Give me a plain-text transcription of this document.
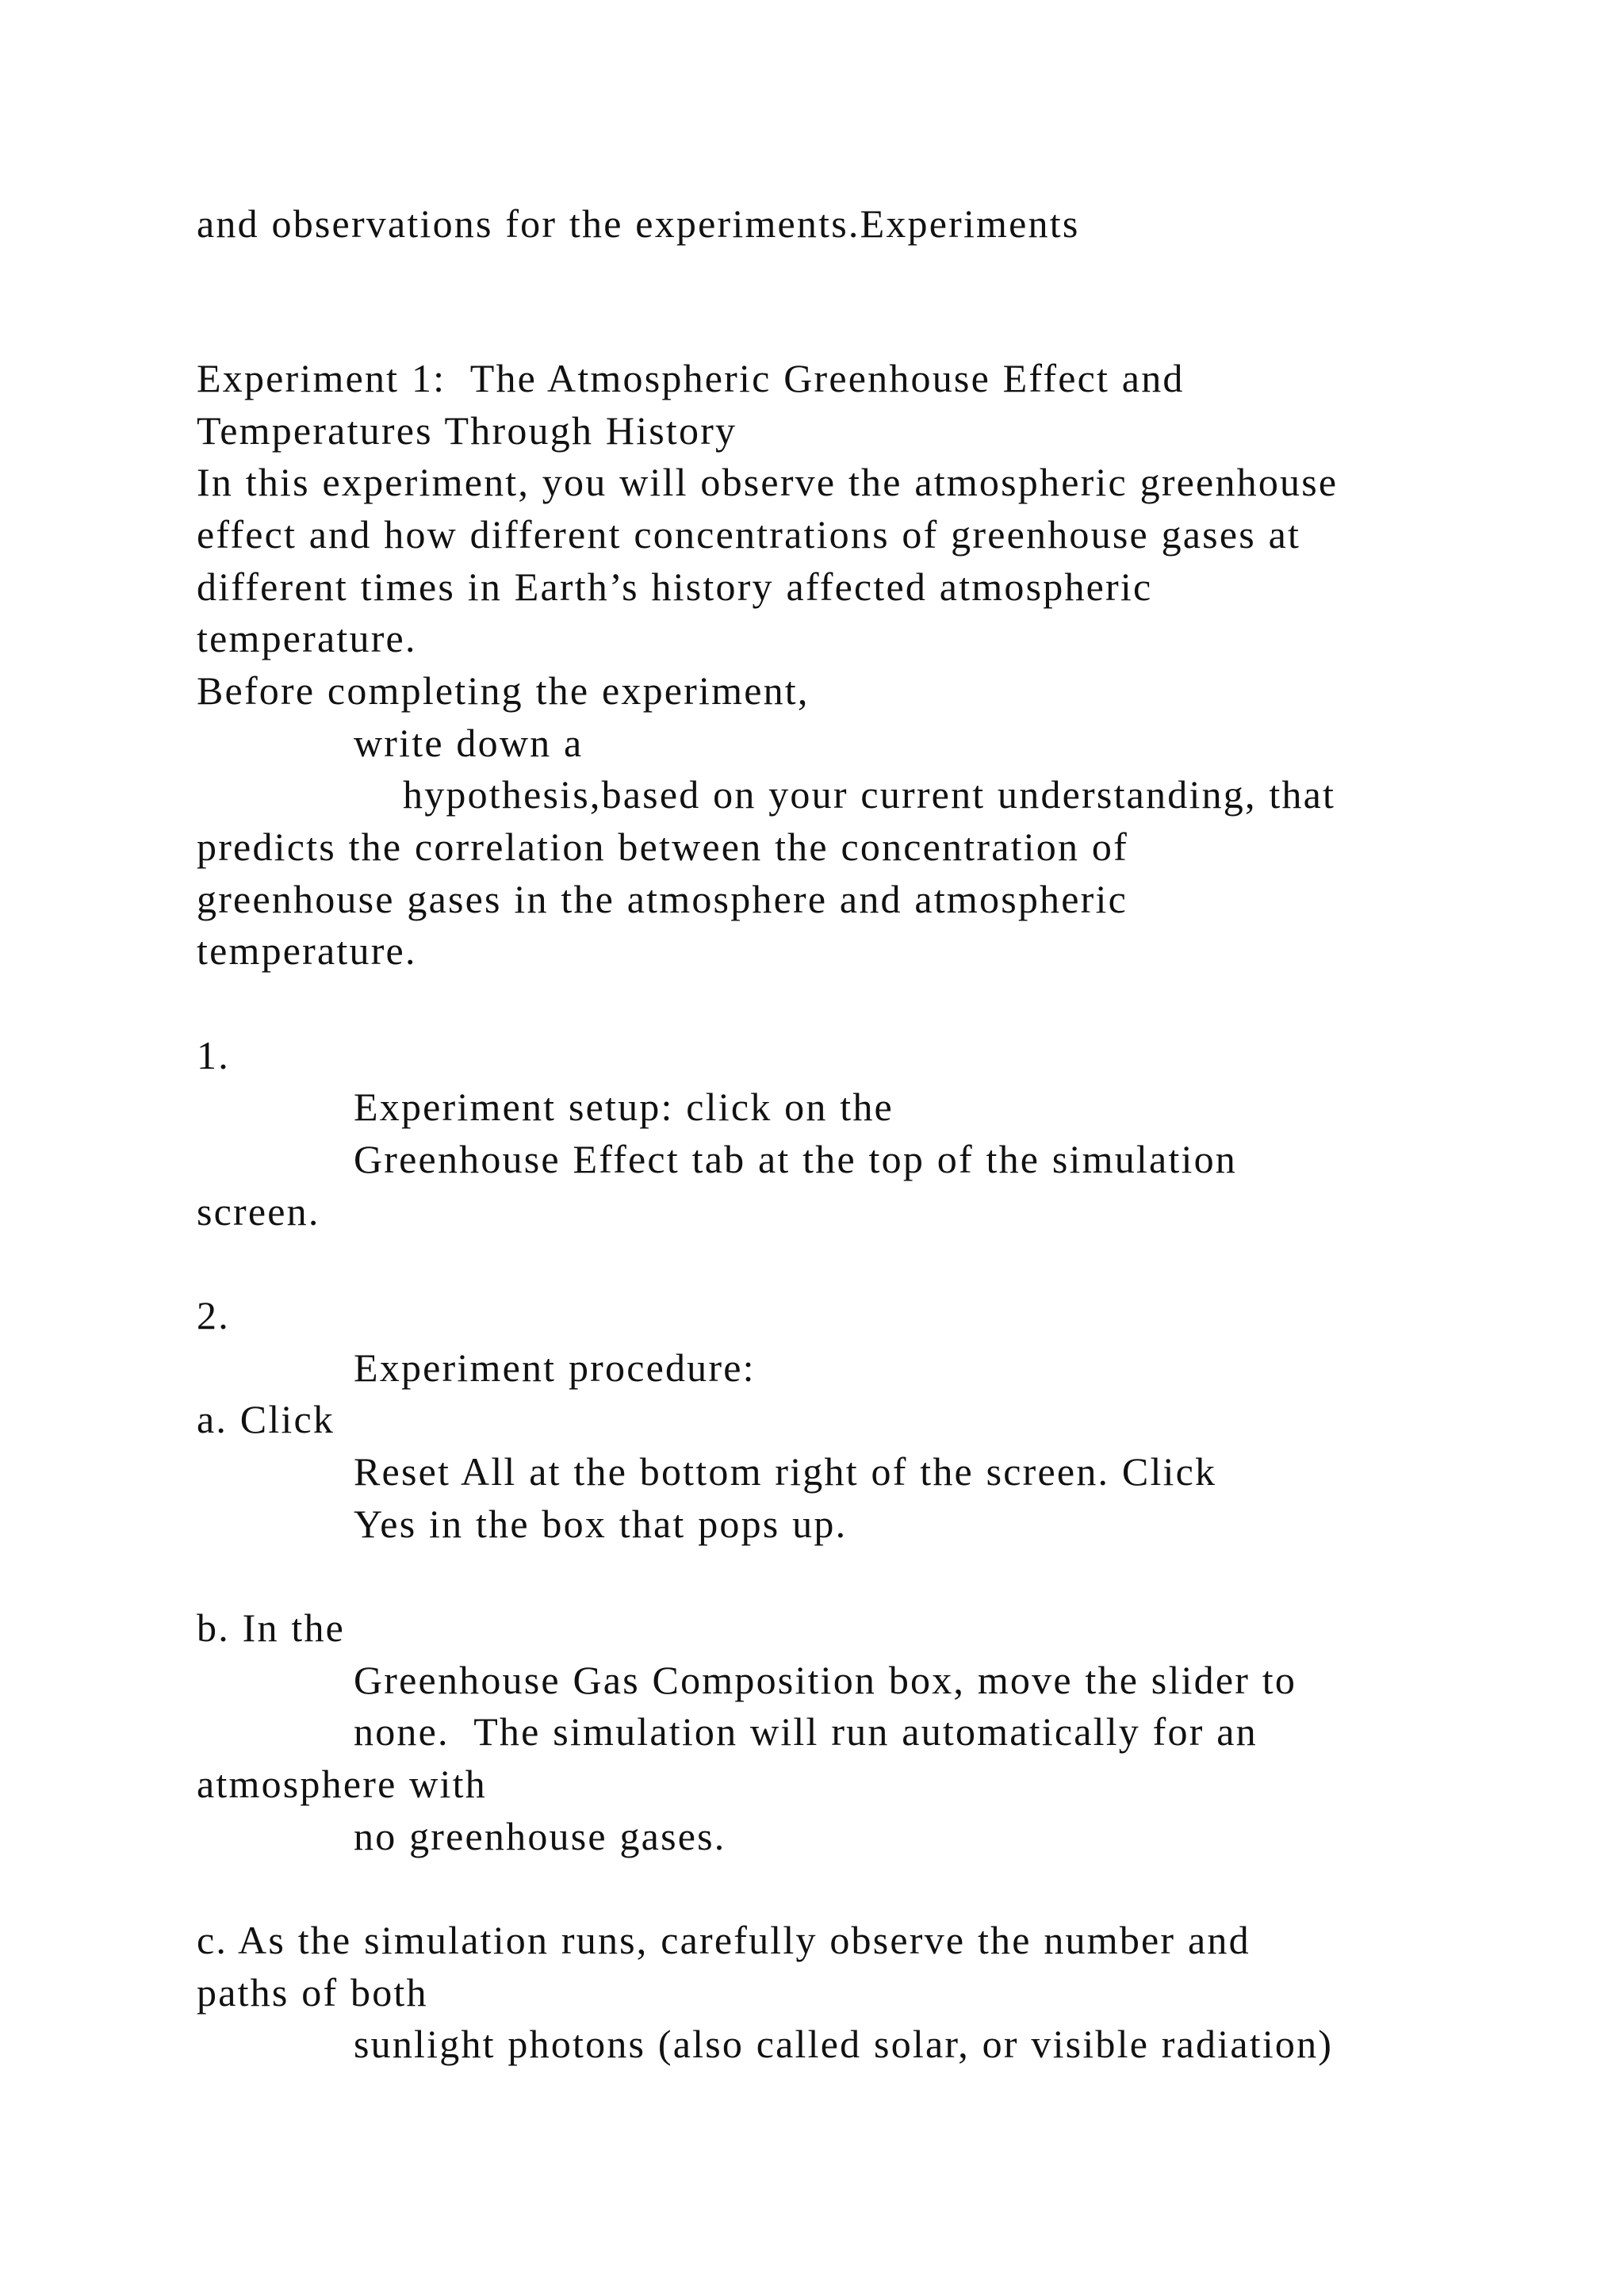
and observations for the experiments.Experiments
Experiment 1:  The Atmospheric Greenhouse Effect and
Temperatures Through History
In this experiment, you will observe the atmospheric greenhouse
effect and how different concentrations of greenhouse gases at
different times in Earth’s history affected atmospheric
temperature.
Before completing the experiment,
write down a
hypothesis,based on your current understanding, that
predicts the correlation between the concentration of
greenhouse gases in the atmosphere and atmospheric
temperature.
1.
Experiment setup: click on the
Greenhouse Effect tab at the top of the simulation
screen.
2.
Experiment procedure:
a. Click
Reset All at the bottom right of the screen. Click
Yes in the box that pops up.
b. In the
Greenhouse Gas Composition box, move the slider to
none.  The simulation will run automatically for an
atmosphere with
no greenhouse gases.
c. As the simulation runs, carefully observe the number and
paths of both
sunlight photons (also called solar, or visible radiation)
